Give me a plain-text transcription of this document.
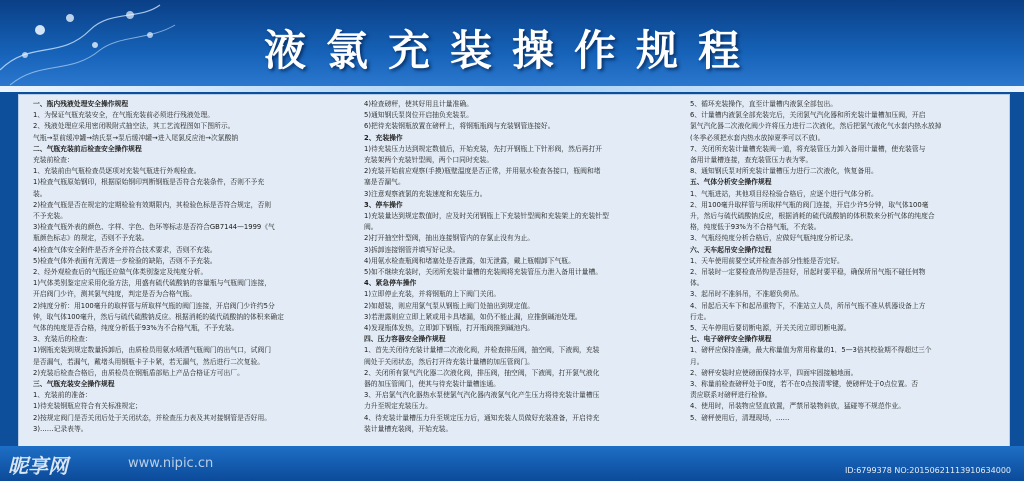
液氯充装操作规程

一、瓶内残液处理安全操作规程

1、为保证气瓶充装安全，在气瓶充装前必须进行残液处理。

2、残液处理应采用密闭吸附式抽空法，其工艺流程图如下图所示。

气瓶→泵前缓冲罐→纳氏泵→泵后缓冲罐→进入尾氯反应池→次氯酸钠

二、气瓶充装前后检查安全操作规程

充装前检查：

1、充装前由气瓶检查员逐项对充装气瓶进行外观检查。

1)检查气瓶原始钢印，根据原始钢印判断钢瓶是否符合充装条件，否则不予充

装。

2)检查气瓶是否在规定的定期检验有效期限内，其检验色标是否符合规定，否则

不予充装。

3)检查气瓶外表的颜色、字样、字色、色环等标志是否符合GB7144—1999《气

瓶颜色标志》的规定，否则不予充装。

4)检查气体安全附件是否齐全并符合技术要求，否则不充装。

5)检查气体外表面有无需进一步检验的缺陷，否则不予充装。

2、经外观检查后的气瓶还应做气体类别鉴定及纯度分析。

1)气体类别鉴定应采用化验方法，用盛有硫代硫酸钠的容量瓶与气瓶阀门连接，

开启阀门少许，测其氯气纯度，判定是否为合格气瓶。

2)纯度分析：用100毫升的取样管与所取样气瓶的阀门连接，开启阀门少许约5分

钟，取气体100毫升，然后与硫代硫酸钠反应。根据消耗的硫代硫酸钠的体积来确定

气体的纯度是否合格，纯度分析低于93%为不合格气瓶，不予充装。

3、充装后的检查：

1)钢瓶充装到规定数量拆卸后，由质检员用氨水喷洒气瓶阀门的出气口，试阀门

是否漏气，若漏气，戴堵头用钢瓶卡子卡紧，若无漏气，然后进行二次复验。

2)充装后检查合格后，由质检员在钢瓶盾部贴上产品合格证方可出厂。

三、气瓶充装安全操作规程

1、充装前的准备：

1)待充装钢瓶应符合有关标准规定；

2)按规定阀门是否关闭后处于关闭状态，并检查压力表及其对接钢管是否好用。

3)……记录表等。

4)检查磅秤，使其好用且计量准确。

5)通知钢氏泵岗位开启抽负充装泵。

6)把待充装钢瓶放置在磅秤上，将钢瓶瓶阀与充装钢管连接好。

2、充装操作

1)待充装压力达到规定数值后，开始充装，先打开钢瓶上下针形阀，然后再打开

充装架两个充装针型阀，两个口同时充装。

2)充装开始前应观察(手摸)瓶壁温度是否正常，并用氨水检查各接口，瓶阀和堵

塞是否漏气。

3)注意观察液氯的充装速度和充装压力。

3、停车操作

1)充装量达到规定数值时，应及时关闭钢瓶上下充装针型阀和充装架上的充装针型

阀。

2)打开抽空针型阀，抽出连接钢管内的存氯止没有为止。

3)拆卸连接钢管并填写好记录。

4)用氨水检查瓶阀和堵塞处是否泄露，如无泄露，戴上瓶帽卸下气瓶。

5)如不继续充装时，关闭所充装计量槽的充装阀将充装管压力泄入备用计量槽。

4、紧急停车操作

1)立即停止充装，并将钢瓶的上下阀门关闭。

2)如超装，则应用氯气泵从钢瓶上阀门处抽出到规定值。

3)若泄露则应立即上紧或用卡具堵漏，如仍不能止漏，应推倒碱池处理。

4)发现瓶体发热，立即卸下钢瓶，打开瓶阀推到碱池内。

四、压力容器安全操作规程

1、首先关闭待充装计量槽二次液化阀，并检查排压阀，抽空阀，下液阀，充装

阀处于关闭状态，然后打开待充装计量槽的加压管阀门。

2、关闭所有氯气汽化器二次液化阀，排压阀，抽空阀，下液阀，打开氯气液化

器的加压管阀门，使其与待充装计量槽连通。

3、开启氯气汽化器热水泵使氯气汽化器内液氯气化产生压力将待充装计量槽压

力升至规定充装压力。

4、待充装计量槽压力升至规定压力后，通知充装人员做好充装准备，开启待充

装计量槽充装阀，开始充装。

5、循环充装操作，直至计量槽内液氯全部包出。

6、计量槽内液氯全部充装完后，关闭氯气汽化器和所充装计量槽加压阀，开启

氯气汽化器二次液化阀少许将压力进行二次液化，然后把氯气液化气水套内热水放掉

(冬季必须把水套内热水放掉夏季可以不放)。

7、关闭所充装计量槽充装阀一道，将充装管压力卸入备用计量槽，使充装管与

备用计量槽连接，查充装管压力表为零。

8、通知钢氏泵对所充装计量槽压力进行二次液化，恢复备用。

五、气体分析安全操作规程

1、气瓶进站，其他项目经检验合格后，应逐个进行气体分析。

2、用100毫升取样管与所取样气瓶的阀门连接，开启少许5分钟，取气体100毫

升，然后与硫代硫酸钠反应，根据消耗的硫代硫酸钠的体积数来分析气体的纯度合

格，纯度低于93%为不合格气瓶，不充装。

3、气瓶经纯度分析合格后，应做好气瓶纯度分析记录。

六、天车起吊安全操作过程

1、天车使用前要空试并检查各部分性能是否完好。

2、吊装时一定要检查吊钩是否挂好，吊起时要平稳，确保所吊气瓶不碰任何物

体。

3、起吊时不准斜吊，不准超负荷吊。

4、吊起后天车下和起吊重物下，不准站立人员，所吊气瓶不准从机器设备上方

行走。

5、天车停用后要切断电源，开关关闭立即切断电源。

七、电子磅秤安全操作规程

1、磅秤应保持准确，最大称量值为常用称量的1．5—3倍其校验期不得超过三个

月。

2、磅秤安装时应使磅面保持水平，四面牢固接触地面。

3、称量前检查磅秤处于0度，若不在0点按清零键，使磅秤处于0点位置。否

责应联系对磅秤进行检修。

4、使用时，吊装物应竖直放置，严禁吊装物斜放，猛碰等不规范作业。

5、磅秤使用后，清理现场，……

昵享网	www.nipic.cn	ID:6799378 NO:20150621113910634000
